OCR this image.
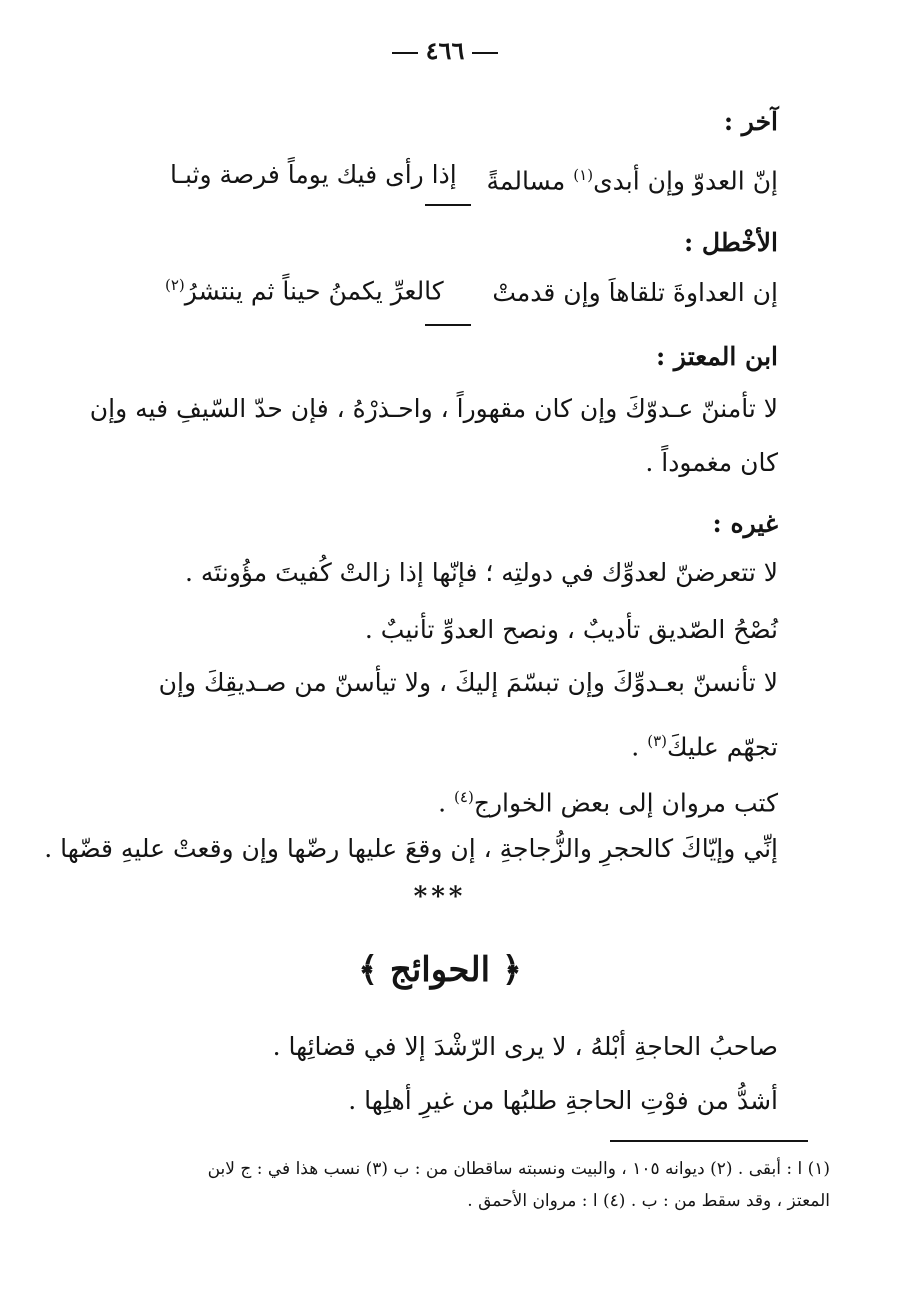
٤٦٦
آخر :
إنّ العدوّ وإن أبدى$^{(١)}$ مسالمةً
إذا رأى فيك يوماً فرصة وثبـا
الأخْطل :
إن العداوةَ تلقاهاَ وإن قدمتْ
كالعرِّ يكمنُ حيناً ثم ينتشرُ$^{(٢)}$
ابن المعتز :
لا تأمننّ عـدوّكَ وإن كان مقهوراً ، واحـذرْهُ ، فإن حدّ السّيفِ فيه وإن
كان مغموداً .
غيره :
لا تتعرضنّ لعدوِّك في دولتِه ؛ فإنّها إذا زالتْ كُفيتَ مؤُونتَه .
نُصْحُ الصّديق تأديبٌ ، ونصح العدوِّ تأنيبٌ .
لا تأنسنّ بعـدوِّكَ وإن تبسّمَ إليكَ ، ولا تيأسنّ من صـديقِكَ وإن
تجهّم عليكَ$^{(٣)}$ .
كتب مروان إلى بعض الخوارج$^{(٤)}$ .
إنِّي وإيّاكَ كالحجرِ والزُّجاجةِ ، إن وقعَ عليها رضّها وإن وقعتْ عليهِ قضّها .
***
﴿ الحوائج ﴾
صاحبُ الحاجةِ أبْلهُ ، لا يرى الرّشْدَ إلا في قضائِها .
أشدُّ من فوْتِ الحاجةِ طلبُها من غيرِ أهلِها .
(١) ا : أبقى . (٢) ديوانه ١٠٥ ، والبيت ونسبته ساقطان من : ب (٣) نسب هذا في : ج لابن
المعتز ، وقد سقط من : ب . (٤) ا : مروان الأحمق .
